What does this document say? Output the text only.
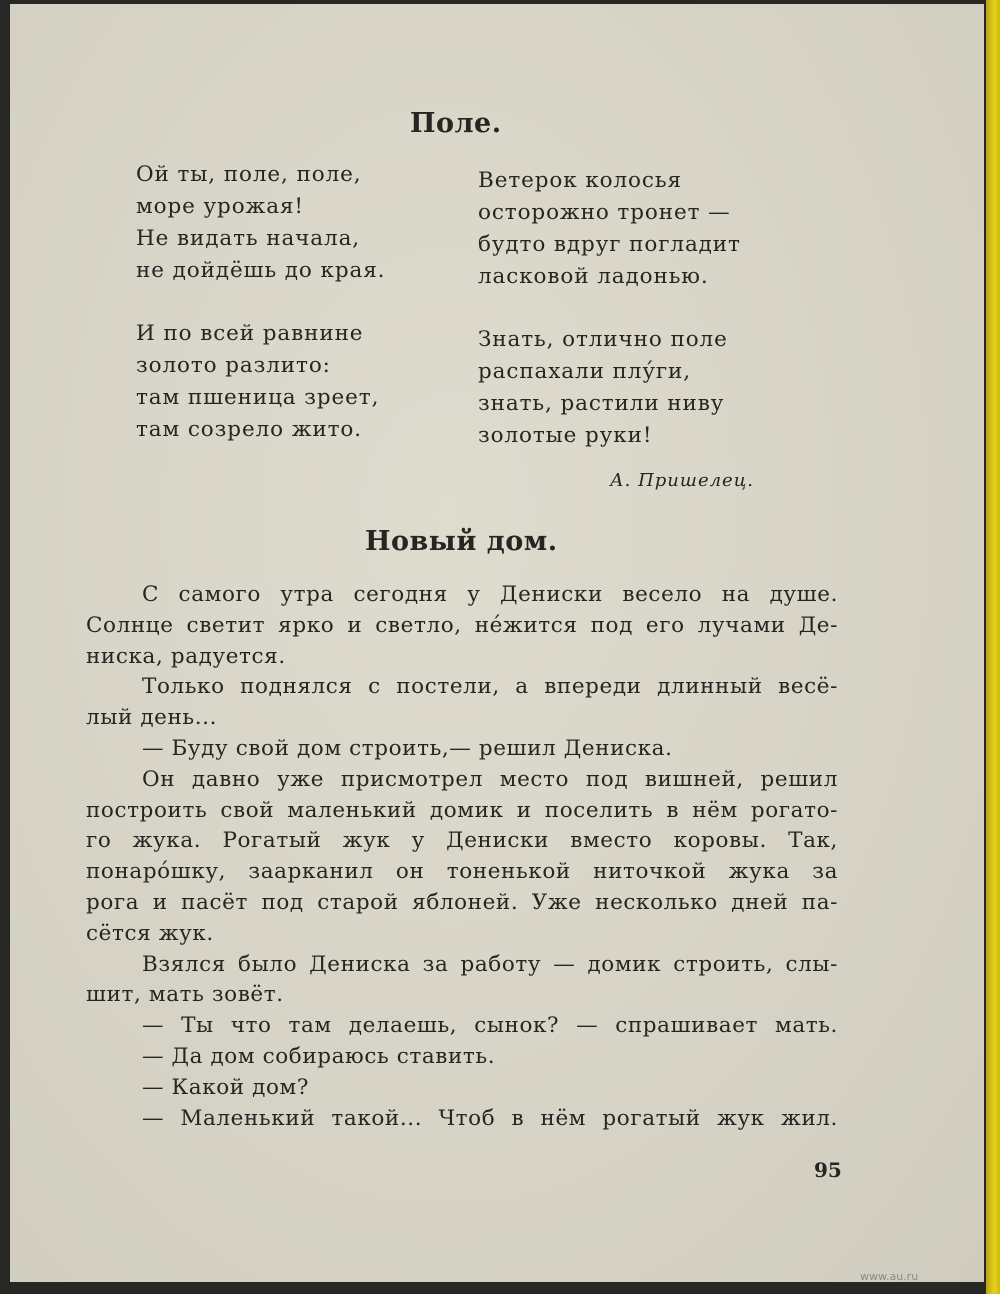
Поле.
Ой ты, поле, поле,
море урожая!
Не видать начала,
не дойдёшь до края.
И по всей равнине
золото разлито:
там пшеница зреет,
там созрело жито.
Ветерок колосья
осторожно тронет —
будто вдруг погладит
ласковой ладонью.
Знать, отлично поле
распахали плу́ги,
знать, растили ниву
золотые руки!
А. Пришелец.
Новый дом.
С самого утра сегодня у Дениски весело на душе.
Солнце светит ярко и светло, не́жится под его лучами Де-
ниска, радуется.
Только поднялся с постели, а впереди длинный весё-
лый день...
— Буду свой дом строить,— решил Дениска.
Он давно уже присмотрел место под вишней, решил
построить свой маленький домик и поселить в нём рогато-
го жука. Рогатый жук у Дениски вместо коровы. Так,
понаро́шку, заарканил он тоненькой ниточкой жука за
рога и пасёт под старой яблоней. Уже несколько дней па-
сётся жук.
Взялся было Дениска за работу — домик строить, слы-
шит, мать зовёт.
— Ты что там делаешь, сынок? — спрашивает мать.
— Да дом собираюсь ставить.
— Какой дом?
— Маленький такой... Чтоб в нём рогатый жук жил.
95
www.au.ru
